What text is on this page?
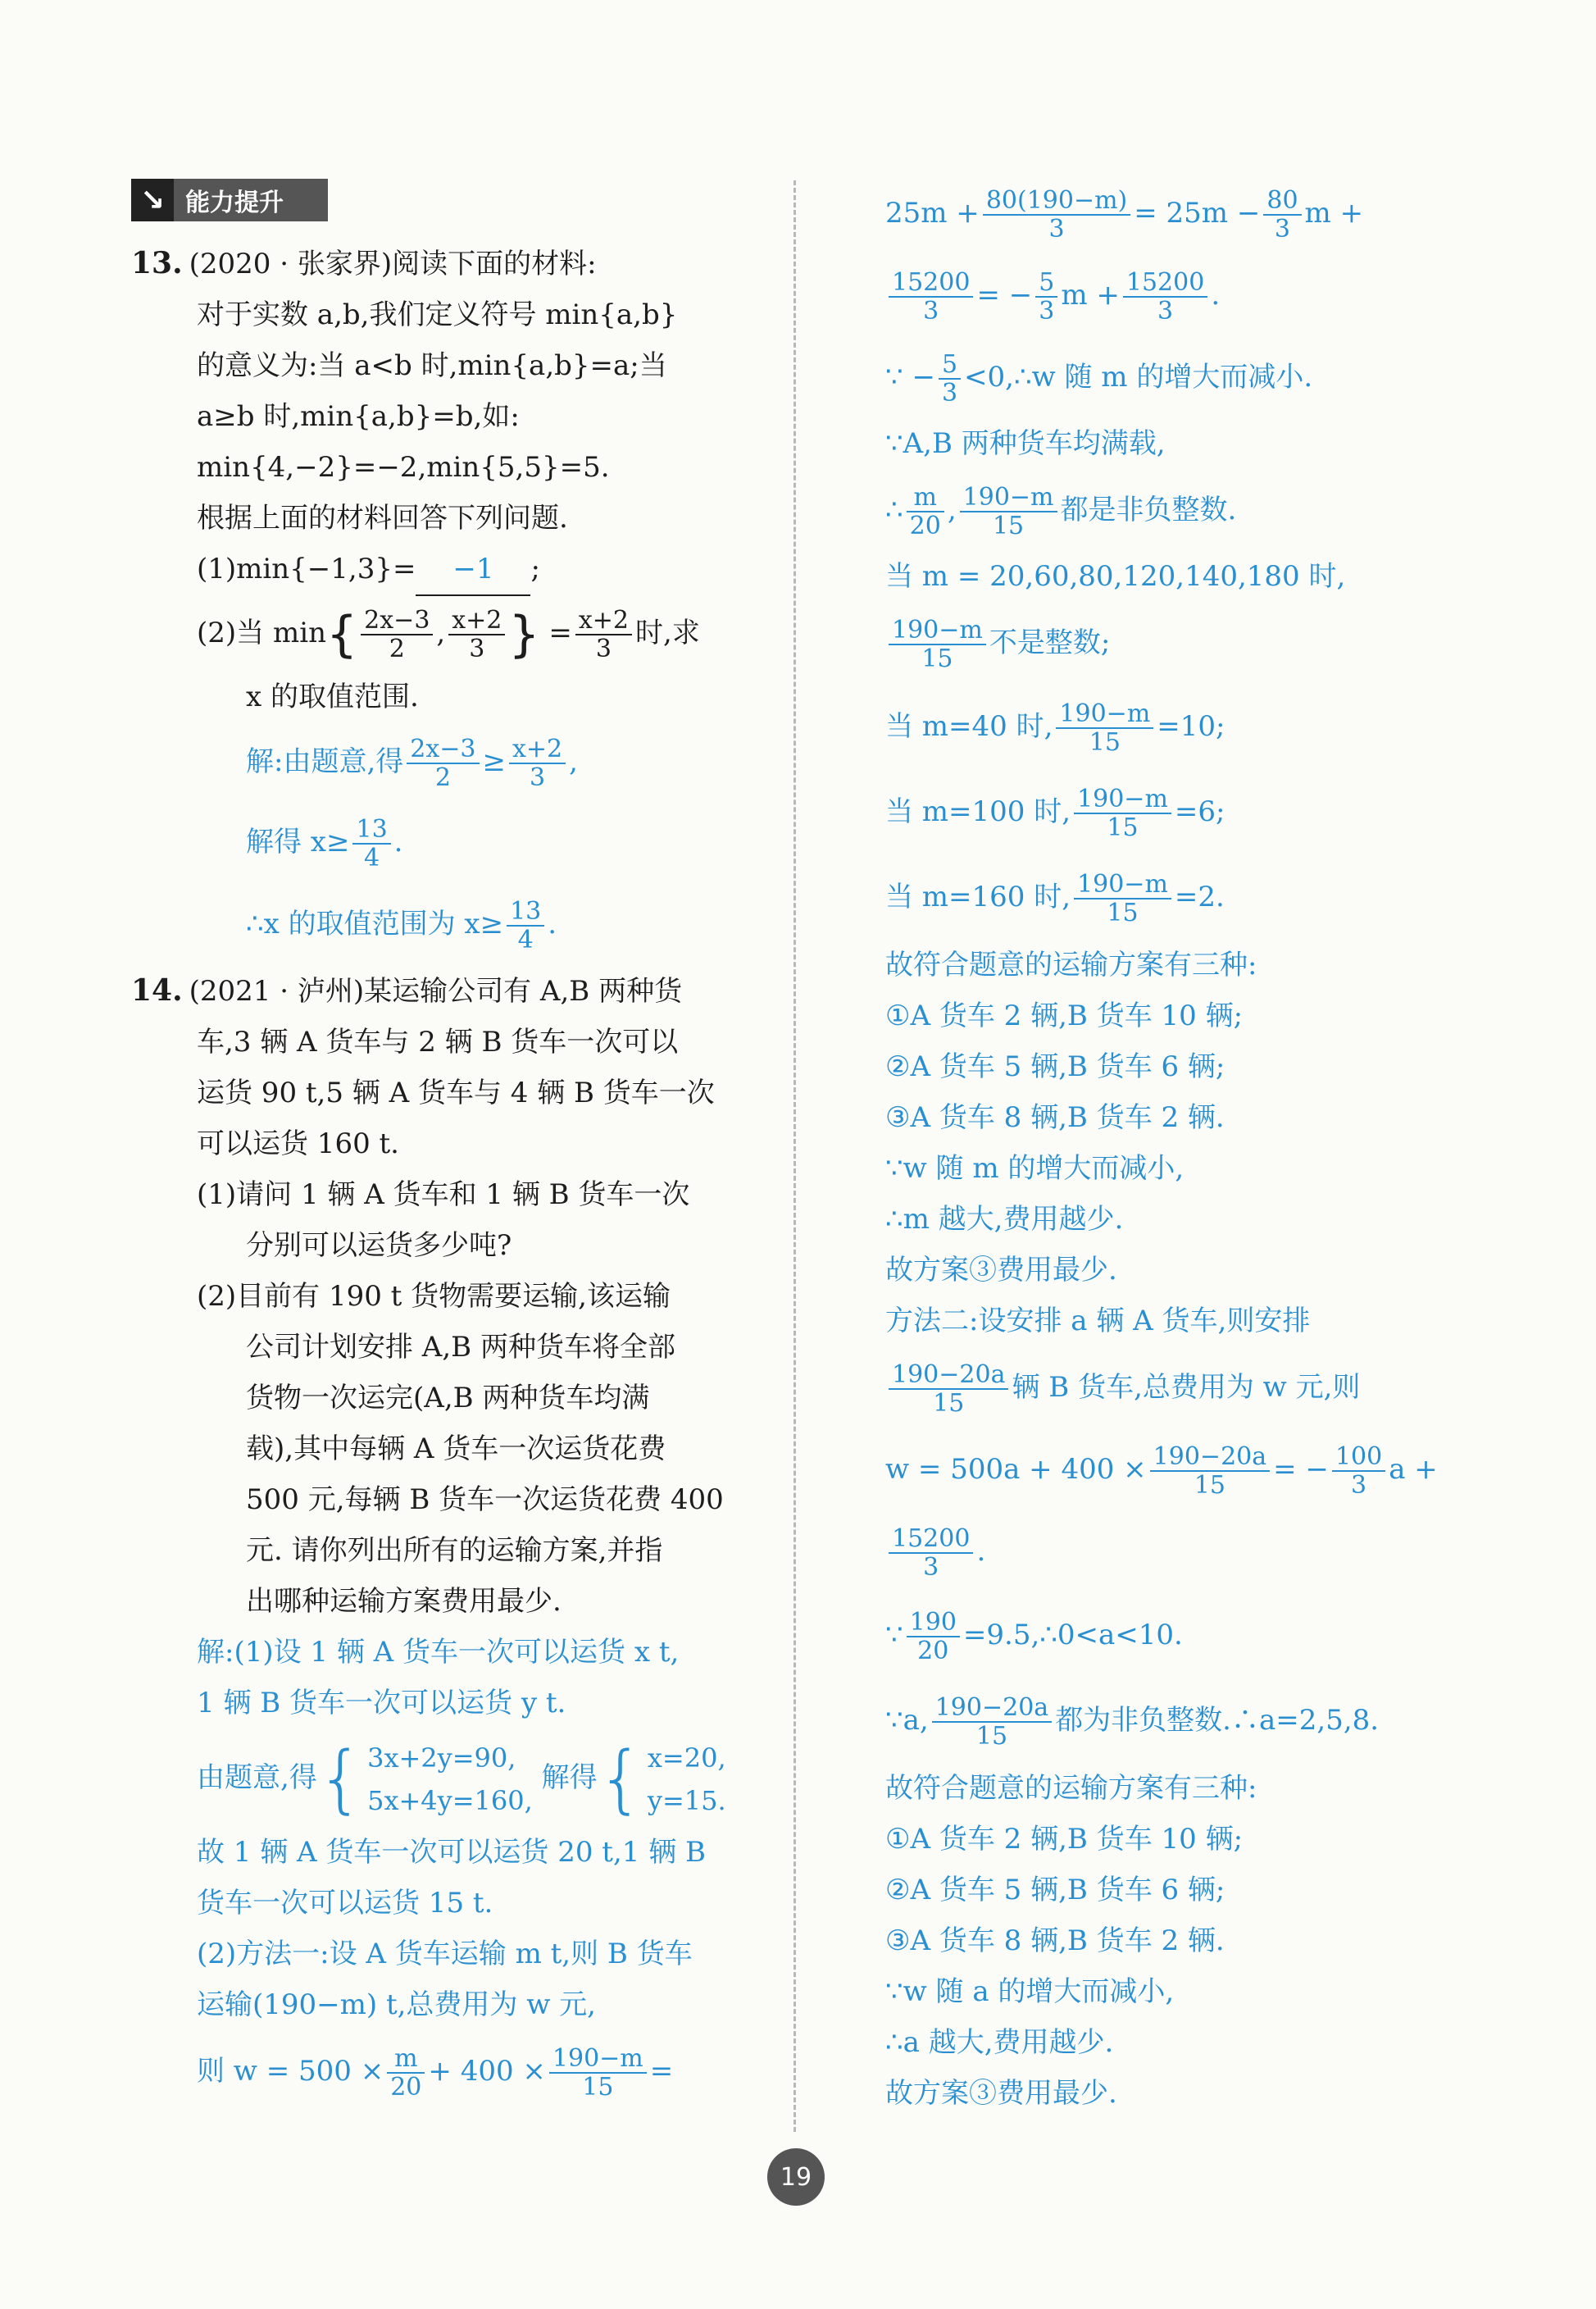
↘ 能力提升
13. (2020 · 张家界)阅读下面的材料:
对于实数 a,b,我们定义符号 min{a,b}
的意义为:当 a<b 时,min{a,b}=a;当
a≥b 时,min{a,b}=b,如:
min{4,−2}=−2,min{5,5}=5.
根据上面的材料回答下列问题.
(1)min{−1,3}= −1 ;
(2)当 $\min\{ \frac{2x-3}{2}$ , $\frac{x+2}{3}$ } = $\frac{x+2}{3}$ 时,求
x 的取值范围.
解:由题意,得 $\frac{2x-3}{2} \ge \frac{x+2}{3}$ ,
解得 $x\ge \frac{13}{4}$ .
∴x 的取值范围为 $x\ge \frac{13}{4}$ .
14. (2021 · 泸州)某运输公司有 A,B 两种货
车,3 辆 A 货车与 2 辆 B 货车一次可以
运货 90 t,5 辆 A 货车与 4 辆 B 货车一次
可以运货 160 t.
(1)请问 1 辆 A 货车和 1 辆 B 货车一次
分别可以运货多少吨?
(2)目前有 190 t 货物需要运输,该运输
公司计划安排 A,B 两种货车将全部
货物一次运完(A,B 两种货车均满
载),其中每辆 A 货车一次运货花费
500 元,每辆 B 货车一次运货花费 400
元. 请你列出所有的运输方案,并指
出哪种运输方案费用最少.
解:(1)设 1 辆 A 货车一次可以运货 x t,
1 辆 B 货车一次可以运货 y t.
由题意,得 { 3x+2y=90,
5x+4y=160,
解得 { x=20,
y=15.
故 1 辆 A 货车一次可以运货 20 t,1 辆 B
货车一次可以运货 15 t.
(2)方法一:设 A 货车运输 m t,则 B 货车
运输(190−m) t,总费用为 w 元,
则 $w = 500 \times \frac{m}{20} + 400 \times \frac{190-m}{15}$ =
$25m + \frac{80(190-m)}{3} = 25m - \frac{80}{3}$ m +
$\frac{15200}{3}$ = − $\frac{5}{3}$ $m + \frac{15200}{3}$ .
∵ − $\frac{5}{3}$ <0,∴w 随 m 的增大而减小.
∵A,B 两种货车均满载,
∴ $\frac{m}{20}$ , $\frac{190-m}{15}$ 都是非负整数.
当 m = 20,60,80,120,140,180 时,
$\frac{190-m}{15}$ 不是整数;
当 m=40 时, $\frac{190-m}{15} =10$;
当 m=100 时, $\frac{190-m}{15} =6$;
当 m=160 时, $\frac{190-m}{15} =2$.
故符合题意的运输方案有三种:
①A 货车 2 辆,B 货车 10 辆;
②A 货车 5 辆,B 货车 6 辆;
③A 货车 8 辆,B 货车 2 辆.
∵w 随 m 的增大而减小,
∴m 越大,费用越少.
故方案③费用最少.
方法二:设安排 a 辆 A 货车,则安排
$\frac{190-20a}{15}$ 辆 B 货车,总费用为 w 元,则
$w = 500a + 400 \times \frac{190-20a}{15}$ = − $\frac{100}{3}$ a +
$\frac{15200}{3}$ .
∵ $\frac{190}{20}$ =9.5,∴0<a<10.
∵a, $\frac{190-20a}{15}$ 都为非负整数.∴a=2,5,8.
故符合题意的运输方案有三种:
①A 货车 2 辆,B 货车 10 辆;
②A 货车 5 辆,B 货车 6 辆;
③A 货车 8 辆,B 货车 2 辆.
∵w 随 a 的增大而减小,
∴a 越大,费用越少.
故方案③费用最少.
19
